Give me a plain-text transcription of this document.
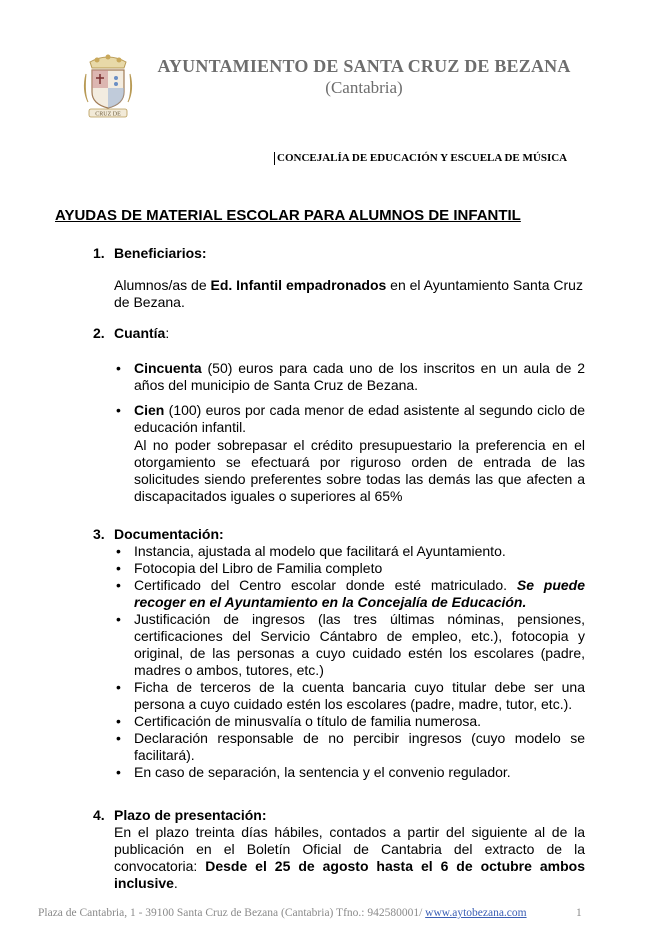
CRUZ DE
AYUNTAMIENTO DE SANTA CRUZ DE BEZANA
(Cantabria)
CONCEJALÍA DE EDUCACIÓN Y ESCUELA DE MÚSICA
AYUDAS DE MATERIAL ESCOLAR PARA ALUMNOS DE INFANTIL
1. Beneficiarios:
Alumnos/as de Ed. Infantil empadronados en el Ayuntamiento Santa Cruz de Bezana.
2. Cuantía:
• Cincuenta (50) euros para cada uno de los inscritos en un aula de 2 años del municipio de Santa Cruz de Bezana.
• Cien (100) euros por cada menor de edad asistente al segundo ciclo de educación infantil.
Al no poder sobrepasar el crédito presupuestario la preferencia en el otorgamiento se efectuará por riguroso orden de entrada de las solicitudes siendo preferentes sobre todas las demás las que afecten a discapacitados iguales o superiores al 65%
3. Documentación:
• Instancia, ajustada al modelo que facilitará el Ayuntamiento.
• Fotocopia del Libro de Familia completo
• Certificado del Centro escolar donde esté matriculado. Se puede recoger en el Ayuntamiento en la Concejalía de Educación.
• Justificación de ingresos (las tres últimas nóminas, pensiones, certificaciones del Servicio Cántabro de empleo, etc.), fotocopia y original, de las personas a cuyo cuidado estén los escolares (padre, madres o ambos, tutores, etc.)
• Ficha de terceros de la cuenta bancaria cuyo titular debe ser una persona a cuyo cuidado estén los escolares (padre, madre, tutor, etc.).
• Certificación de minusvalía o título de familia numerosa.
• Declaración responsable de no percibir ingresos (cuyo modelo se facilitará).
• En caso de separación, la sentencia y el convenio regulador.
4. Plazo de presentación:
En el plazo treinta días hábiles, contados a partir del siguiente al de la publicación en el Boletín Oficial de Cantabria del extracto de la convocatoria: Desde el 25 de agosto hasta el 6 de octubre ambos inclusive.
Plaza de Cantabria, 1 - 39100 Santa Cruz de Bezana (Cantabria) Tfno.: 942580001/ www.aytobezana.com	1
